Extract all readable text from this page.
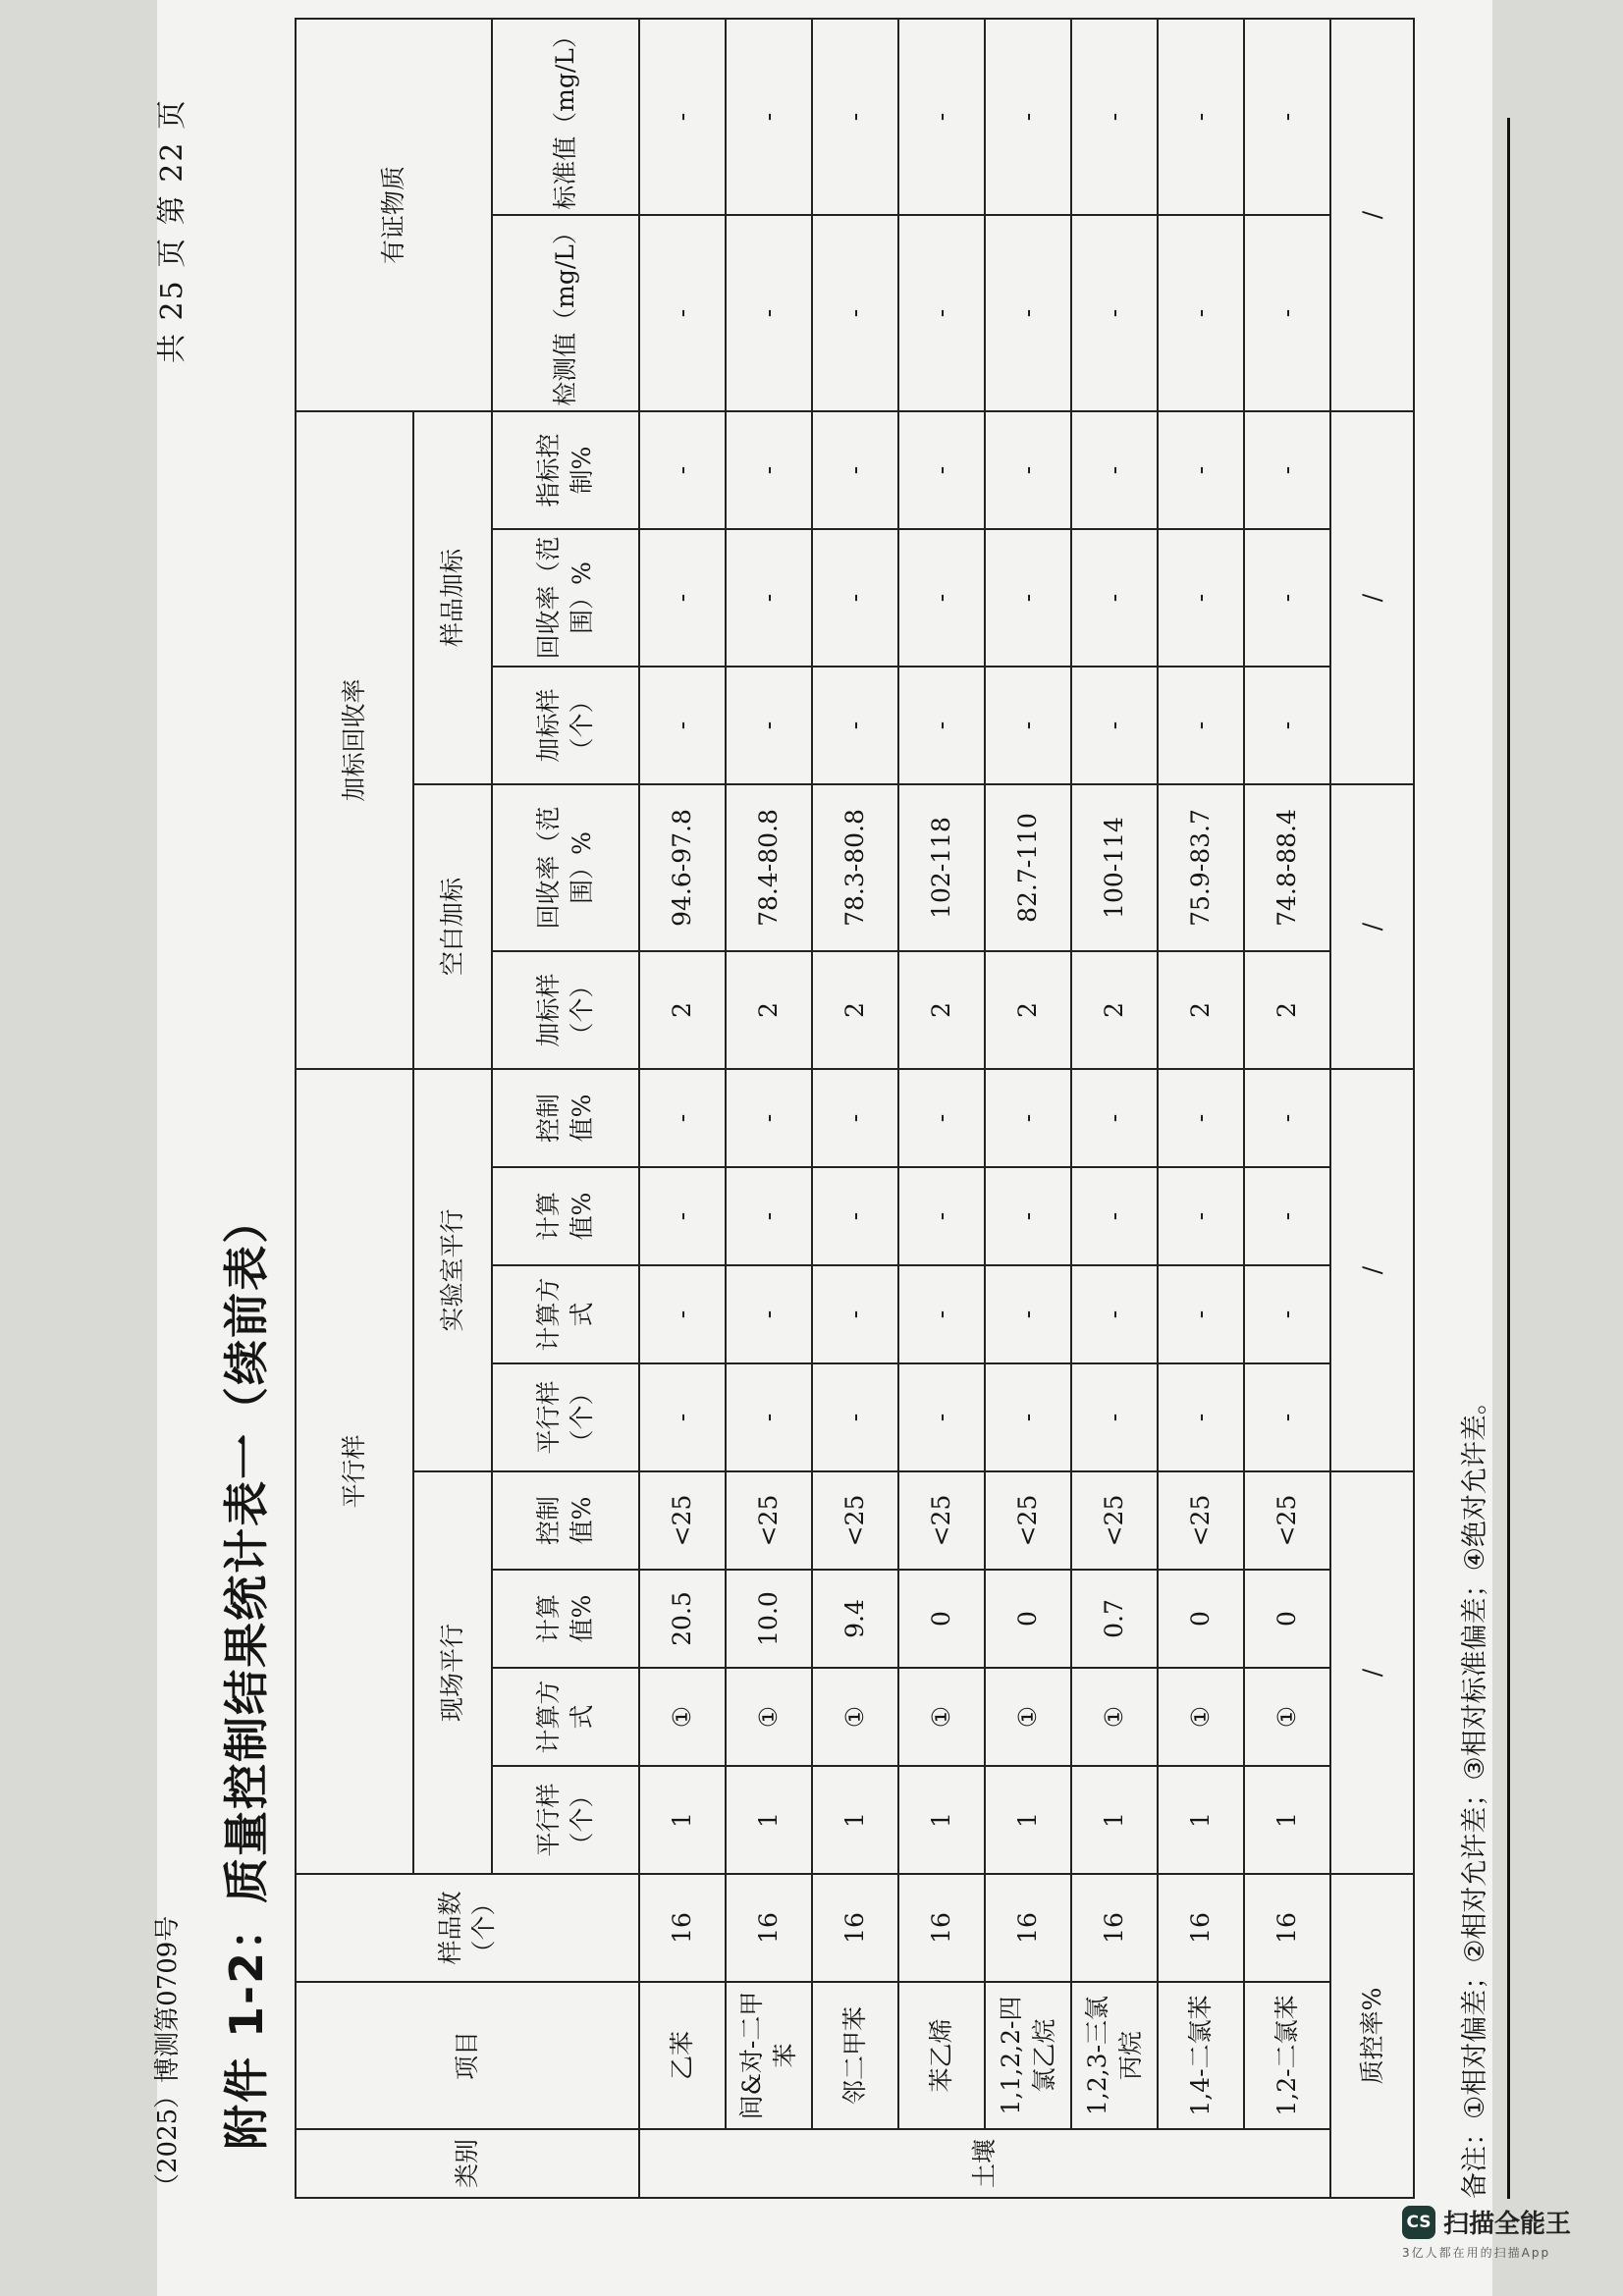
（2025）博测第0709号
共 25 页 第 22 页
附件 1-2：质量控制结果统计表一（续前表）
类别	项目	样品数（个）	平行样								加标回收率					有证物质	
			现场平行				实验室平行				空白加标		样品加标				
			平行样（个）	计算方式	计算值%	控制值%	平行样（个）	计算方式	计算值%	控制值%	加标样（个）	回收率（范围）%	加标样（个）	回收率（范围）%	指标控制%	检测值（mg/L）	标准值（mg/L）
土壤	乙苯	16	1	①	20.5	<25	-	-	-	-	2	94.6-97.8	-	-	-	-	-
	间&对-二甲苯	16	1	①	10.0	<25	-	-	-	-	2	78.4-80.8	-	-	-	-	-
	邻二甲苯	16	1	①	9.4	<25	-	-	-	-	2	78.3-80.8	-	-	-	-	-
	苯乙烯	16	1	①	0	<25	-	-	-	-	2	102-118	-	-	-	-	-
	1,1,2,2-四氯乙烷	16	1	①	0	<25	-	-	-	-	2	82.7-110	-	-	-	-	-
	1,2,3-三氯丙烷	16	1	①	0.7	<25	-	-	-	-	2	100-114	-	-	-	-	-
	1,4-二氯苯	16	1	①	0	<25	-	-	-	-	2	75.9-83.7	-	-	-	-	-
	1,2-二氯苯	16	1	①	0	<25	-	-	-	-	2	74.8-88.4	-	-	-	-	-
质控率%			/				/				/		/			/	
备注：①相对偏差；②相对允许差；③相对标准偏差；④绝对允许差。
CS 扫描全能王
3亿人都在用的扫描App
